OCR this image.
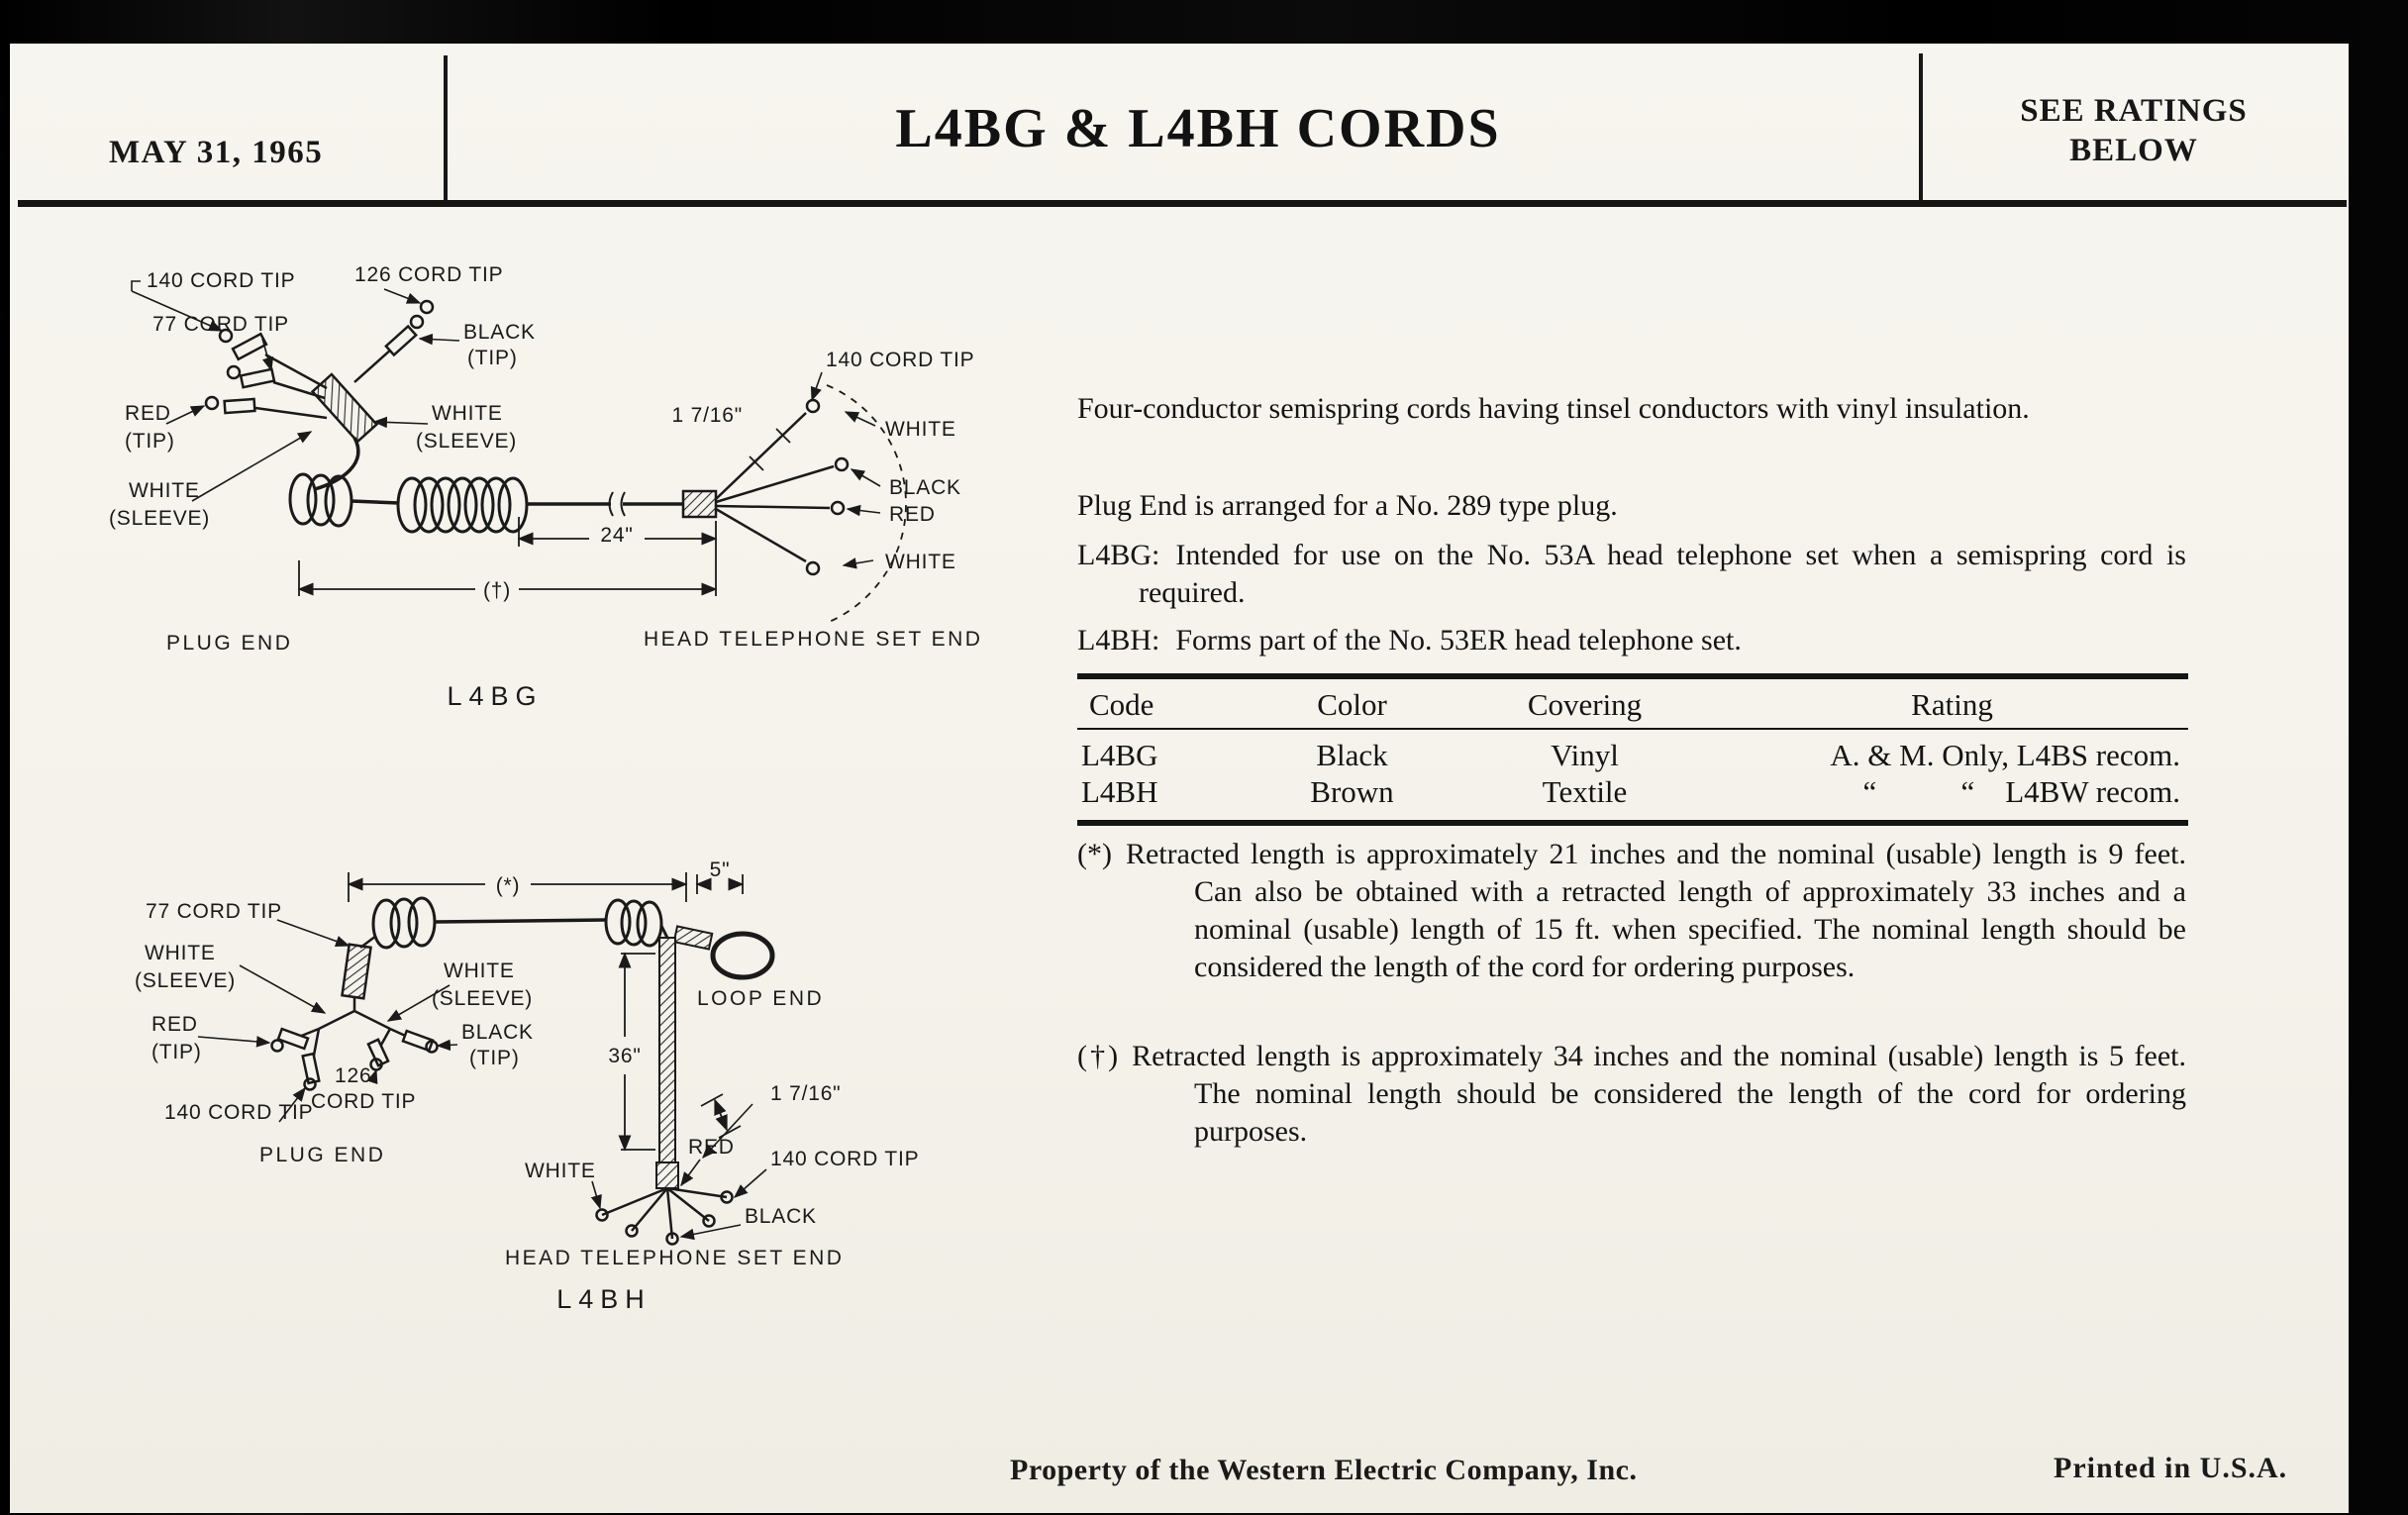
MAY 31, 1965	L4BG & L4BH CORDS	SEE RATINGS
BELOW
24"
(†)
140 CORD TIP	126 CORD TIP
77 CORD TIP	BLACK
(TIP)
WHITE
(SLEEVE)
RED
(TIP)
WHITE
(SLEEVE)
140 CORD TIP
WHITE
BLACK
RED
WHITE
1 7/16"
PLUG END	HEAD TELEPHONE SET END
L4BG
(*)
5"
36"
1 7/16"
77 CORD TIP
WHITE
(SLEEVE)	WHITE
(SLEEVE)
RED
(TIP)
BLACK
(TIP)
126
CORD TIP
140 CORD TIP
PLUG END
LOOP END
WHITE
RED
140 CORD TIP
BLACK
HEAD TELEPHONE SET END
L4BH

Four-conductor semispring cords having tinsel conductors with vinyl insulation.

Plug End is arranged for a No. 289 type plug.

L4BG: Intended for use on the No. 53A head telephone set when a semispring cord is required.

L4BH: Forms part of the No. 53ER head telephone set.

Code	Color	Covering	Rating
L4BG	Black	Vinyl	A. & M. Only, L4BS recom.
L4BH	Brown	Textile	“           “    L4BW recom.

(*) Retracted length is approximately 21 inches and the nominal (usable) length is 9 feet. Can also be obtained with a retracted length of approximately 33 inches and a nominal (usable) length of 15 ft. when specified. The nominal length should be considered the length of the cord for ordering purposes.

(†) Retracted length is approximately 34 inches and the nominal (usable) length is 5 feet. The nominal length should be considered the length of the cord for ordering purposes.

Property of the Western Electric Company, Inc.	Printed in U.S.A.
